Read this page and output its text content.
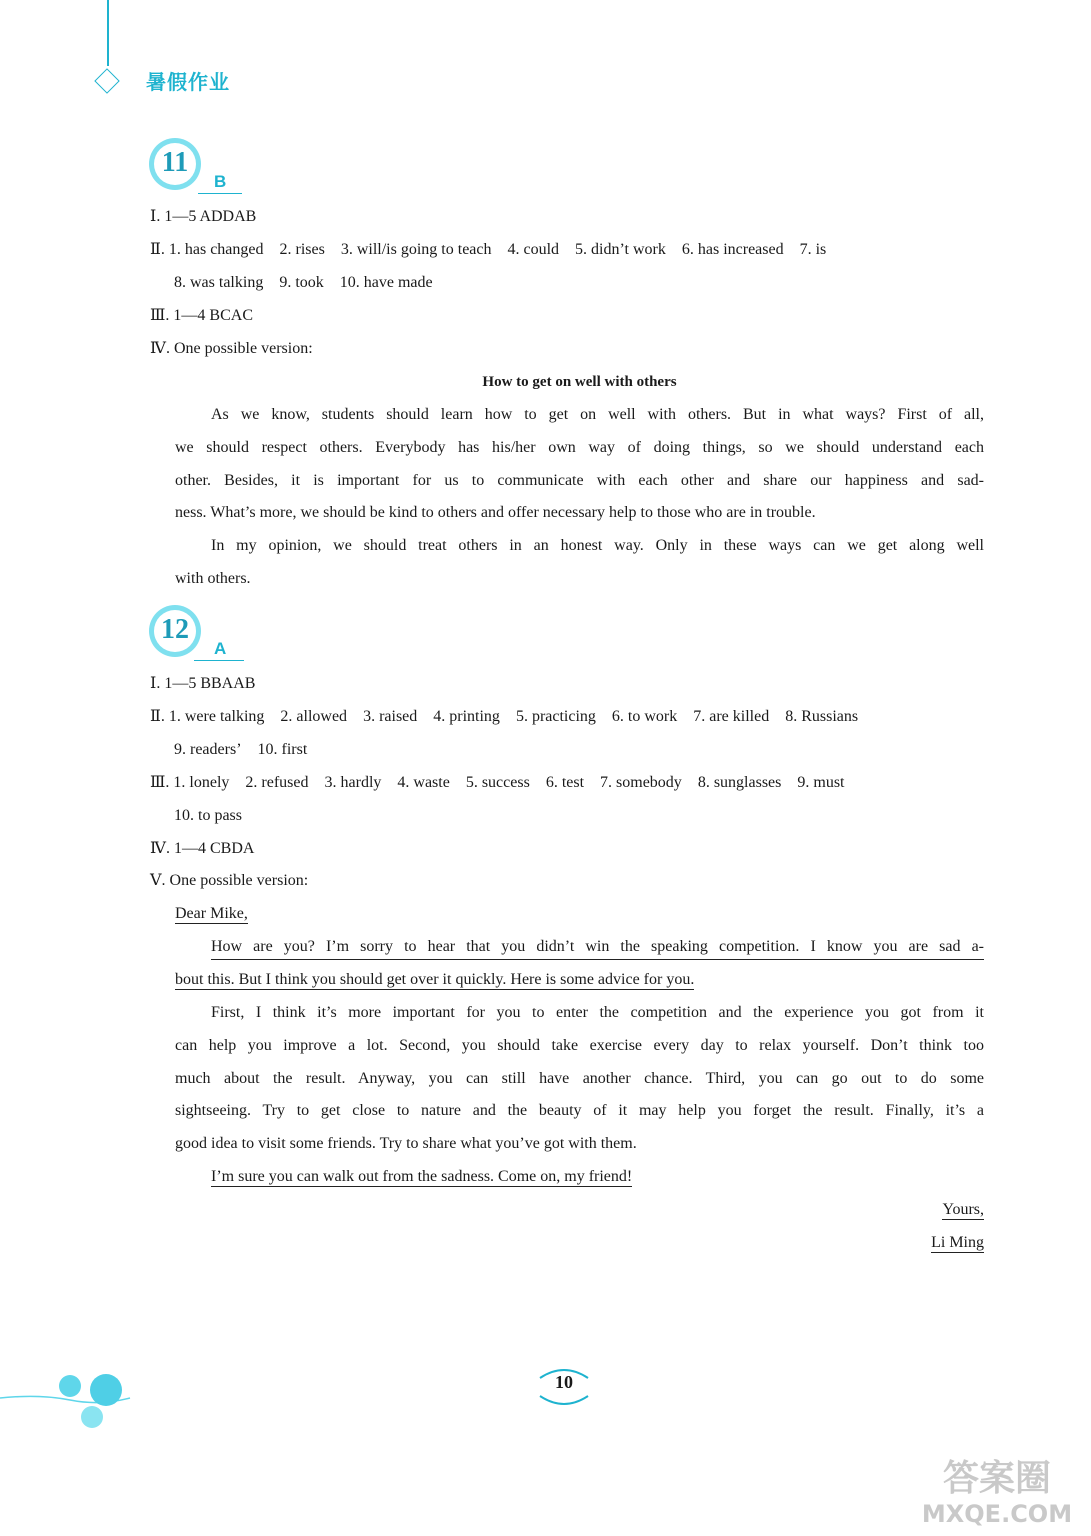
暑假作业
11
B
Ⅰ. 1—5 ADDAB
Ⅱ. 1. has changed 2. rises 3. will/is going to teach 4. could 5. didn’t work 6. has increased 7. is
8. was talking 9. took 10. have made
Ⅲ. 1—4 BCAC
Ⅳ. One possible version:
How to get on well with others
As we know, students should learn how to get on well with others. But in what ways? First of all,
we should respect others. Everybody has his/her own way of doing things, so we should understand each
other. Besides, it is important for us to communicate with each other and share our happiness and sad-
ness. What’s more, we should be kind to others and offer necessary help to those who are in trouble.
In my opinion, we should treat others in an honest way. Only in these ways can we get along well
with others.
12
A
Ⅰ. 1—5 BBAAB
Ⅱ. 1. were talking 2. allowed 3. raised 4. printing 5. practicing 6. to work 7. are killed 8. Russians
9. readers’ 10. first
Ⅲ. 1. lonely 2. refused 3. hardly 4. waste 5. success 6. test 7. somebody 8. sunglasses 9. must
10. to pass
Ⅳ. 1—4 CBDA
Ⅴ. One possible version:
Dear Mike,
How are you? I’m sorry to hear that you didn’t win the speaking competition. I know you are sad a-
bout this. But I think you should get over it quickly. Here is some advice for you.
First, I think it’s more important for you to enter the competition and the experience you got from it
can help you improve a lot. Second, you should take exercise every day to relax yourself. Don’t think too
much about the result. Anyway, you can still have another chance. Third, you can go out to do some
sightseeing. Try to get close to nature and the beauty of it may help you forget the result. Finally, it’s a
good idea to visit some friends. Try to share what you’ve got with them.
I’m sure you can walk out from the sadness. Come on, my friend!
Yours,
Li Ming
10
答案圈
MXQE.COM
